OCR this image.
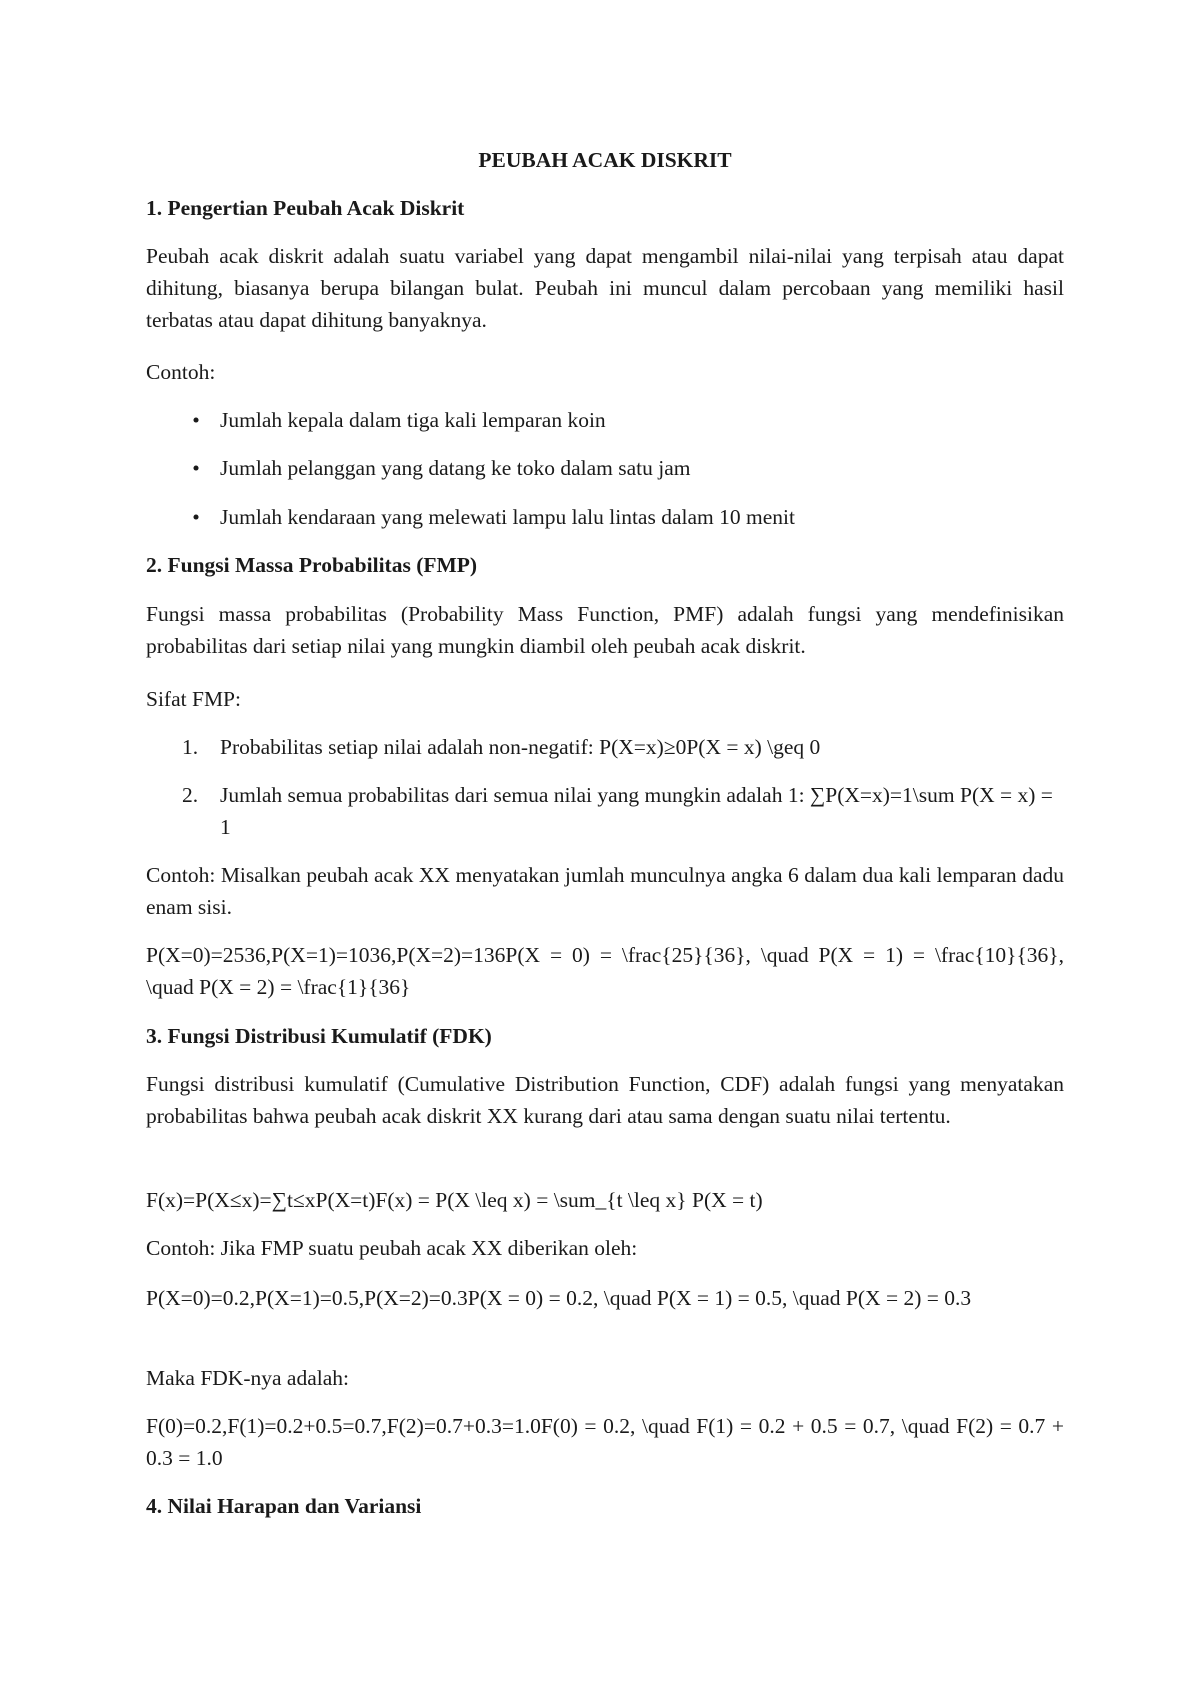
PEUBAH ACAK DISKRIT

1. Pengertian Peubah Acak Diskrit

Peubah acak diskrit adalah suatu variabel yang dapat mengambil nilai-nilai yang terpisah atau dapat dihitung, biasanya berupa bilangan bulat. Peubah ini muncul dalam percobaan yang memiliki hasil terbatas atau dapat dihitung banyaknya.

Contoh:

• Jumlah kepala dalam tiga kali lemparan koin
• Jumlah pelanggan yang datang ke toko dalam satu jam
• Jumlah kendaraan yang melewati lampu lalu lintas dalam 10 menit

2. Fungsi Massa Probabilitas (FMP)

Fungsi massa probabilitas (Probability Mass Function, PMF) adalah fungsi yang mendefinisikan probabilitas dari setiap nilai yang mungkin diambil oleh peubah acak diskrit.

Sifat FMP:

1. Probabilitas setiap nilai adalah non-negatif: P(X=x)≥0P(X = x) \geq 0
2. Jumlah semua probabilitas dari semua nilai yang mungkin adalah 1: ∑P(X=x)=1\sum P(X = x) = 1

Contoh: Misalkan peubah acak XX menyatakan jumlah munculnya angka 6 dalam dua kali lemparan dadu enam sisi.

P(X=0)=2536,P(X=1)=1036,P(X=2)=136P(X = 0) = \frac{25}{36}, \quad P(X = 1) = \frac{10}{36}, \quad P(X = 2) = \frac{1}{36}

3. Fungsi Distribusi Kumulatif (FDK)

Fungsi distribusi kumulatif (Cumulative Distribution Function, CDF) adalah fungsi yang menyatakan probabilitas bahwa peubah acak diskrit XX kurang dari atau sama dengan suatu nilai tertentu.

F(x)=P(X≤x)=∑t≤xP(X=t)F(x) = P(X \leq x) = \sum_{t \leq x} P(X = t)

Contoh: Jika FMP suatu peubah acak XX diberikan oleh:

P(X=0)=0.2,P(X=1)=0.5,P(X=2)=0.3P(X = 0) = 0.2, \quad P(X = 1) = 0.5, \quad P(X = 2) = 0.3

Maka FDK-nya adalah:

F(0)=0.2,F(1)=0.2+0.5=0.7,F(2)=0.7+0.3=1.0F(0) = 0.2, \quad F(1) = 0.2 + 0.5 = 0.7, \quad F(2) = 0.7 + 0.3 = 1.0

4. Nilai Harapan dan Variansi
